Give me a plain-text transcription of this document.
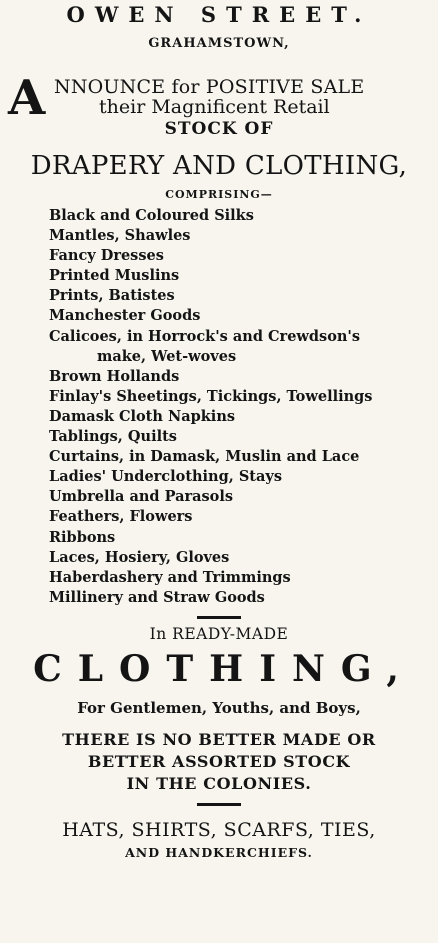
OWEN STREET.
GRAHAMSTOWN,
A NNOUNCE for POSITIVE SALE
their Magnificent Retail
STOCK OF
DRAPERY AND CLOTHING,
COMPRISING—
Black and Coloured Silks
Mantles, Shawles
Fancy Dresses
Printed Muslins
Prints, Batistes
Manchester Goods
Calicoes, in Horrock's and Crewdson's
make, Wet-woves
Brown Hollands
Finlay's Sheetings, Tickings, Towellings
Damask Cloth Napkins
Tablings, Quilts
Curtains, in Damask, Muslin and Lace
Ladies' Underclothing, Stays
Umbrella and Parasols
Feathers, Flowers
Ribbons
Laces, Hosiery, Gloves
Haberdashery and Trimmings
Millinery and Straw Goods
In READY-MADE
CLOTHING,
For Gentlemen, Youths, and Boys,
THERE IS NO BETTER MADE OR
BETTER ASSORTED STOCK
IN THE COLONIES.
HATS, SHIRTS, SCARFS, TIES,
AND HANDKERCHIEFS.
